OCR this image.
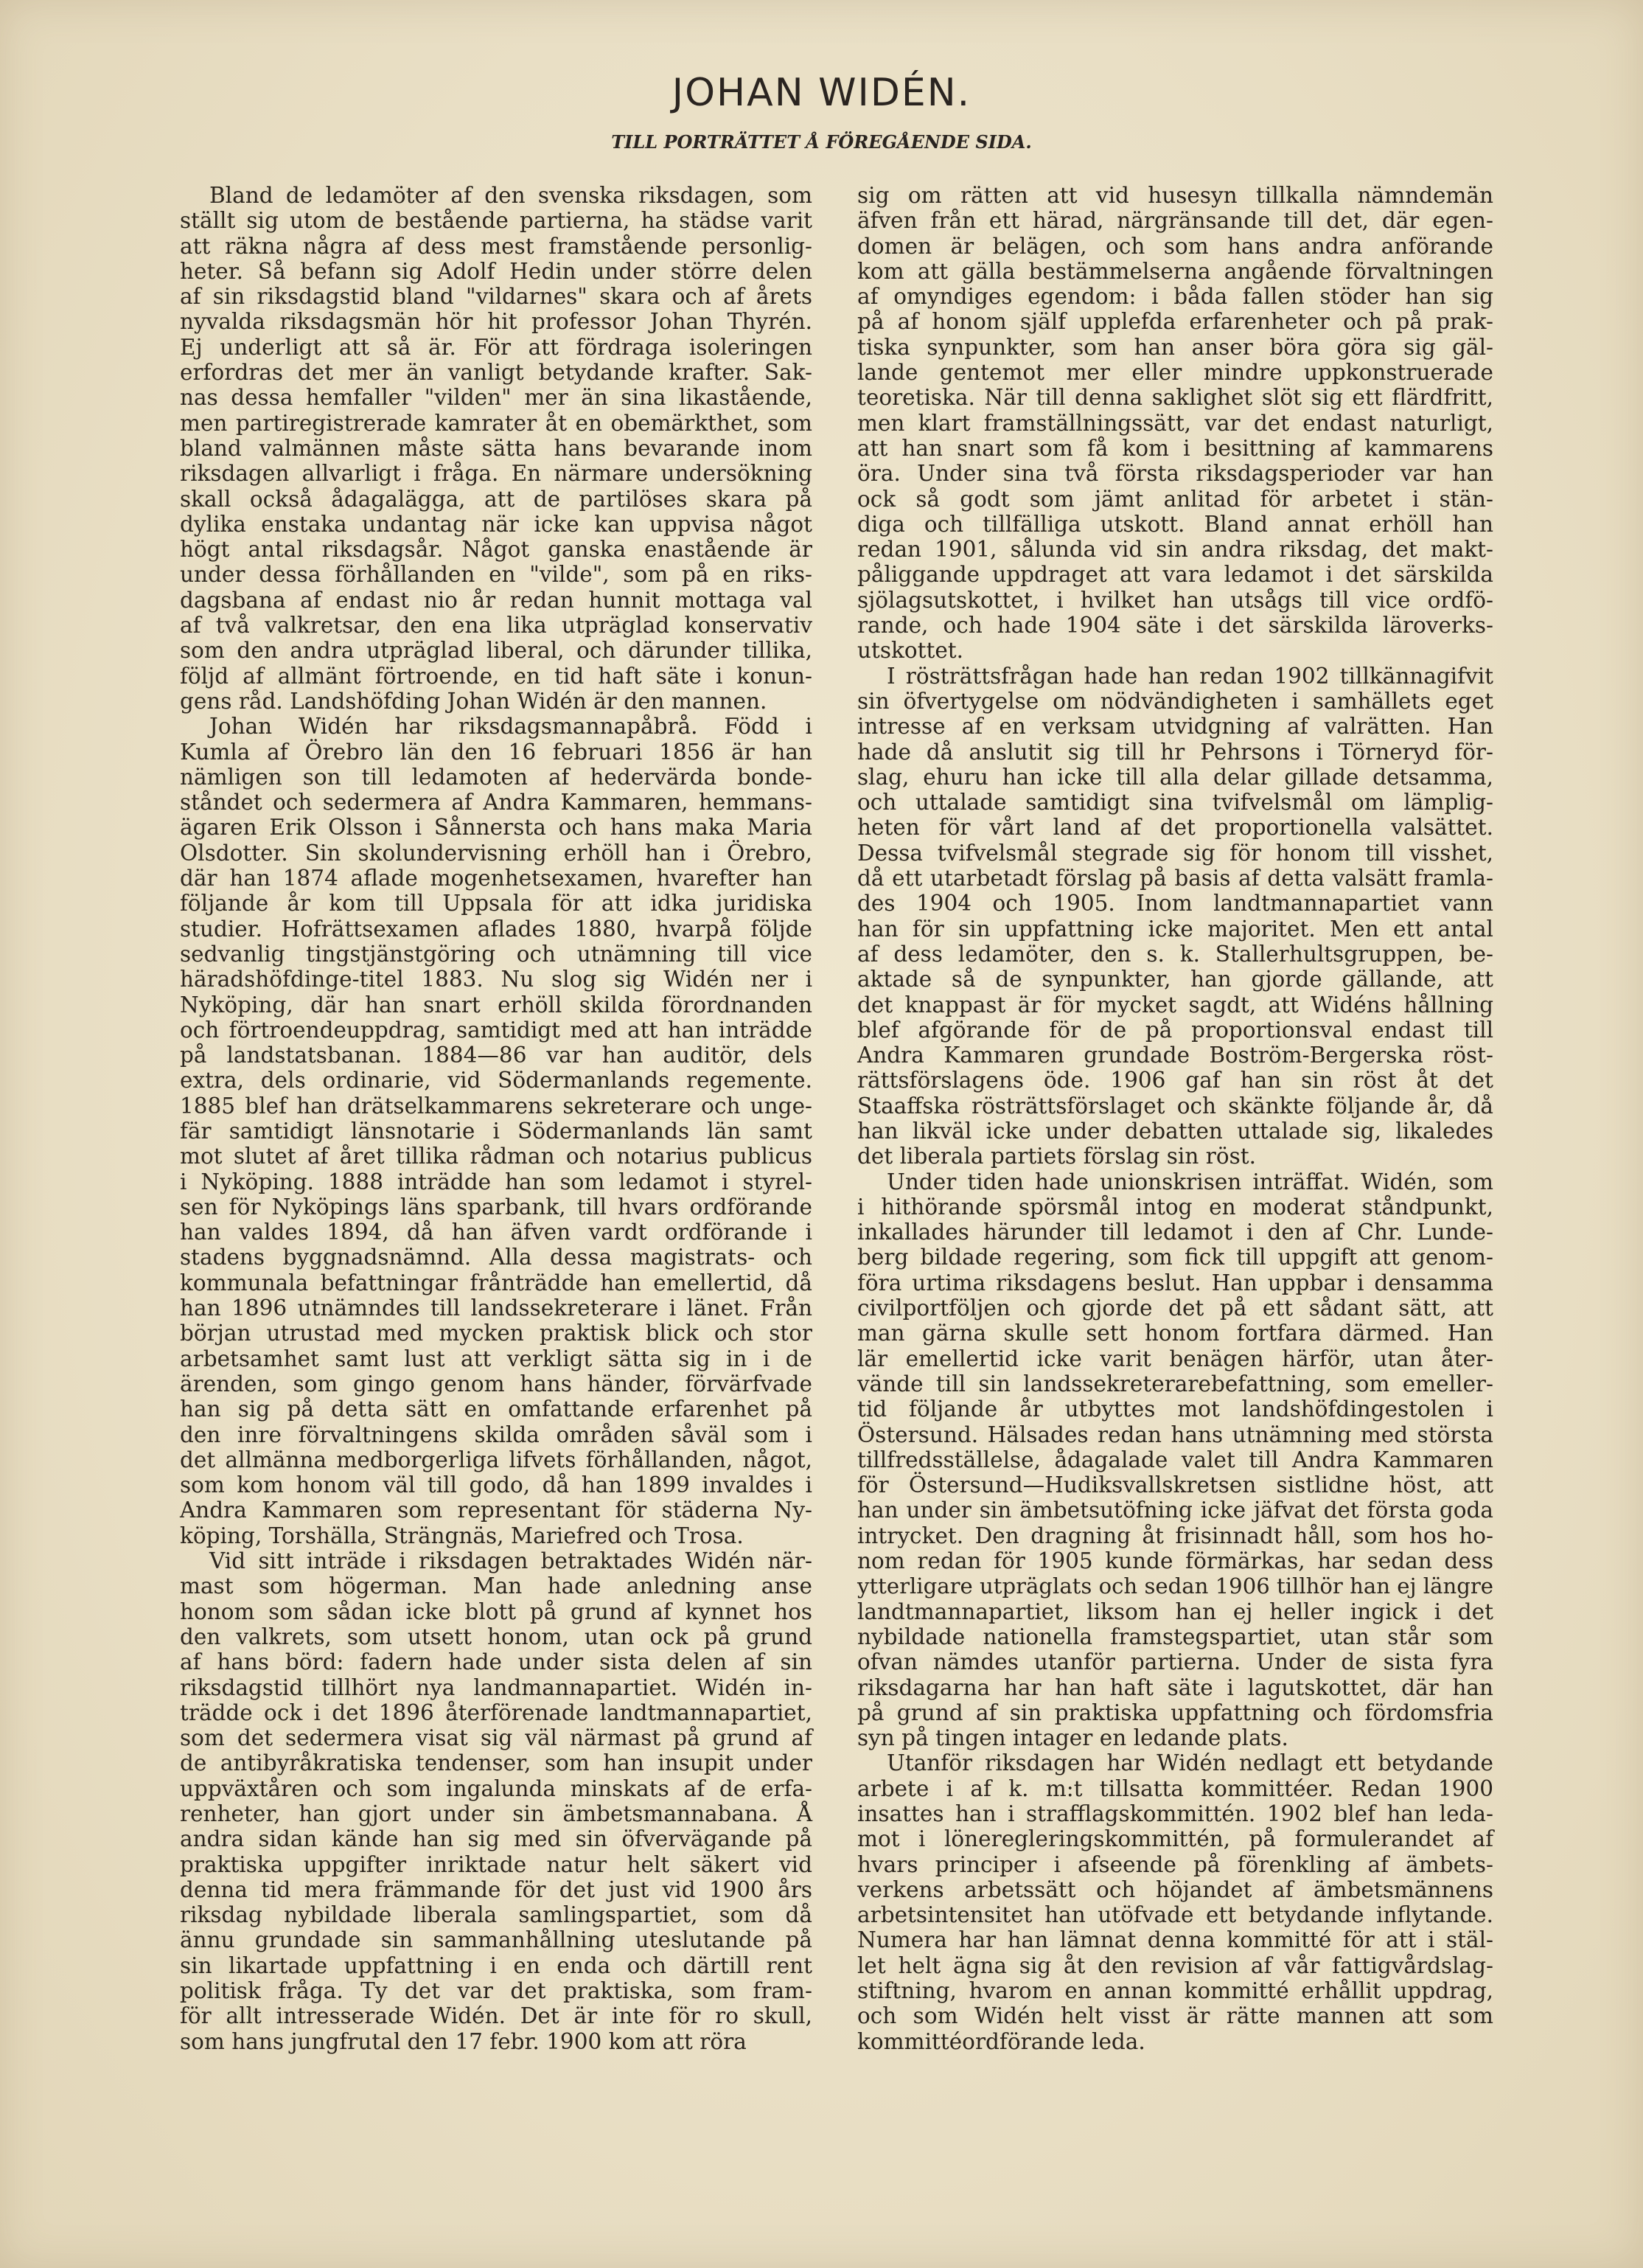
JOHAN WIDÉN.
TILL PORTRÄTTET Å FÖREGÅENDE SIDA.
Bland de ledamöter af den svenska riksdagen, som
ställt sig utom de bestående partierna, ha städse varit
att räkna några af dess mest framstående personlig-
heter. Så befann sig Adolf Hedin under större delen
af sin riksdagstid bland "vildarnes" skara och af årets
nyvalda riksdagsmän hör hit professor Johan Thyrén.
Ej underligt att så är. För att fördraga isoleringen
erfordras det mer än vanligt betydande krafter. Sak-
nas dessa hemfaller "vilden" mer än sina likastående,
men partiregistrerade kamrater åt en obemärkthet, som
bland valmännen måste sätta hans bevarande inom
riksdagen allvarligt i fråga. En närmare undersökning
skall också ådagalägga, att de partilöses skara på
dylika enstaka undantag när icke kan uppvisa något
högt antal riksdagsår. Något ganska enastående är
under dessa förhållanden en "vilde", som på en riks-
dagsbana af endast nio år redan hunnit mottaga val
af två valkretsar, den ena lika utpräglad konservativ
som den andra utpräglad liberal, och därunder tillika,
följd af allmänt förtroende, en tid haft säte i konun-
gens råd. Landshöfding Johan Widén är den mannen.
Johan Widén har riksdagsmannapåbrå. Född i
Kumla af Örebro län den 16 februari 1856 är han
nämligen son till ledamoten af hedervärda bonde-
ståndet och sedermera af Andra Kammaren, hemmans-
ägaren Erik Olsson i Sånnersta och hans maka Maria
Olsdotter. Sin skolundervisning erhöll han i Örebro,
där han 1874 aflade mogenhetsexamen, hvarefter han
följande år kom till Uppsala för att idka juridiska
studier. Hofrättsexamen aflades 1880, hvarpå följde
sedvanlig tingstjänstgöring och utnämning till vice
häradshöfdinge-titel 1883. Nu slog sig Widén ner i
Nyköping, där han snart erhöll skilda förordnanden
och förtroendeuppdrag, samtidigt med att han inträdde
på landstatsbanan. 1884—86 var han auditör, dels
extra, dels ordinarie, vid Södermanlands regemente.
1885 blef han drätselkammarens sekreterare och unge-
fär samtidigt länsnotarie i Södermanlands län samt
mot slutet af året tillika rådman och notarius publicus
i Nyköping. 1888 inträdde han som ledamot i styrel-
sen för Nyköpings läns sparbank, till hvars ordförande
han valdes 1894, då han äfven vardt ordförande i
stadens byggnadsnämnd. Alla dessa magistrats- och
kommunala befattningar frånträdde han emellertid, då
han 1896 utnämndes till landssekreterare i länet. Från
början utrustad med mycken praktisk blick och stor
arbetsamhet samt lust att verkligt sätta sig in i de
ärenden, som gingo genom hans händer, förvärfvade
han sig på detta sätt en omfattande erfarenhet på
den inre förvaltningens skilda områden såväl som i
det allmänna medborgerliga lifvets förhållanden, något,
som kom honom väl till godo, då han 1899 invaldes i
Andra Kammaren som representant för städerna Ny-
köping, Torshälla, Strängnäs, Mariefred och Trosa.
Vid sitt inträde i riksdagen betraktades Widén när-
mast som högerman. Man hade anledning anse
honom som sådan icke blott på grund af kynnet hos
den valkrets, som utsett honom, utan ock på grund
af hans börd: fadern hade under sista delen af sin
riksdagstid tillhört nya landmannapartiet. Widén in-
trädde ock i det 1896 återförenade landtmannapartiet,
som det sedermera visat sig väl närmast på grund af
de antibyråkratiska tendenser, som han insupit under
uppväxtåren och som ingalunda minskats af de erfa-
renheter, han gjort under sin ämbetsmannabana. Å
andra sidan kände han sig med sin öfvervägande på
praktiska uppgifter inriktade natur helt säkert vid
denna tid mera främmande för det just vid 1900 års
riksdag nybildade liberala samlingspartiet, som då
ännu grundade sin sammanhållning uteslutande på
sin likartade uppfattning i en enda och därtill rent
politisk fråga. Ty det var det praktiska, som fram-
för allt intresserade Widén. Det är inte för ro skull,
som hans jungfrutal den 17 febr. 1900 kom att röra
sig om rätten att vid husesyn tillkalla nämndemän
äfven från ett härad, närgränsande till det, där egen-
domen är belägen, och som hans andra anförande
kom att gälla bestämmelserna angående förvaltningen
af omyndiges egendom: i båda fallen stöder han sig
på af honom själf upplefda erfarenheter och på prak-
tiska synpunkter, som han anser böra göra sig gäl-
lande gentemot mer eller mindre uppkonstruerade
teoretiska. När till denna saklighet slöt sig ett flärdfritt,
men klart framställningssätt, var det endast naturligt,
att han snart som få kom i besittning af kammarens
öra. Under sina två första riksdagsperioder var han
ock så godt som jämt anlitad för arbetet i stän-
diga och tillfälliga utskott. Bland annat erhöll han
redan 1901, sålunda vid sin andra riksdag, det makt-
påliggande uppdraget att vara ledamot i det särskilda
sjölagsutskottet, i hvilket han utsågs till vice ordfö-
rande, och hade 1904 säte i det särskilda läroverks-
utskottet.
I rösträttsfrågan hade han redan 1902 tillkännagifvit
sin öfvertygelse om nödvändigheten i samhällets eget
intresse af en verksam utvidgning af valrätten. Han
hade då anslutit sig till hr Pehrsons i Törneryd för-
slag, ehuru han icke till alla delar gillade detsamma,
och uttalade samtidigt sina tvifvelsmål om lämplig-
heten för vårt land af det proportionella valsättet.
Dessa tvifvelsmål stegrade sig för honom till visshet,
då ett utarbetadt förslag på basis af detta valsätt framla-
des 1904 och 1905. Inom landtmannapartiet vann
han för sin uppfattning icke majoritet. Men ett antal
af dess ledamöter, den s. k. Stallerhultsgruppen, be-
aktade så de synpunkter, han gjorde gällande, att
det knappast är för mycket sagdt, att Widéns hållning
blef afgörande för de på proportionsval endast till
Andra Kammaren grundade Boström-Bergerska röst-
rättsförslagens öde. 1906 gaf han sin röst åt det
Staaffska rösträttsförslaget och skänkte följande år, då
han likväl icke under debatten uttalade sig, likaledes
det liberala partiets förslag sin röst.
Under tiden hade unionskrisen inträffat. Widén, som
i hithörande spörsmål intog en moderat ståndpunkt,
inkallades härunder till ledamot i den af Chr. Lunde-
berg bildade regering, som fick till uppgift att genom-
föra urtima riksdagens beslut. Han uppbar i densamma
civilportföljen och gjorde det på ett sådant sätt, att
man gärna skulle sett honom fortfara därmed. Han
lär emellertid icke varit benägen härför, utan åter-
vände till sin landssekreterarebefattning, som emeller-
tid följande år utbyttes mot landshöfdingestolen i
Östersund. Hälsades redan hans utnämning med största
tillfredsställelse, ådagalade valet till Andra Kammaren
för Östersund—Hudiksvallskretsen sistlidne höst, att
han under sin ämbetsutöfning icke jäfvat det första goda
intrycket. Den dragning åt frisinnadt håll, som hos ho-
nom redan för 1905 kunde förmärkas, har sedan dess
ytterligare utpräglats och sedan 1906 tillhör han ej längre
landtmannapartiet, liksom han ej heller ingick i det
nybildade nationella framstegspartiet, utan står som
ofvan nämdes utanför partierna. Under de sista fyra
riksdagarna har han haft säte i lagutskottet, där han
på grund af sin praktiska uppfattning och fördomsfria
syn på tingen intager en ledande plats.
Utanför riksdagen har Widén nedlagt ett betydande
arbete i af k. m:t tillsatta kommittéer. Redan 1900
insattes han i strafflagskommittén. 1902 blef han leda-
mot i löneregleringskommittén, på formulerandet af
hvars principer i afseende på förenkling af ämbets-
verkens arbetssätt och höjandet af ämbetsmännens
arbetsintensitet han utöfvade ett betydande inflytande.
Numera har han lämnat denna kommitté för att i stäl-
let helt ägna sig åt den revision af vår fattigvårdslag-
stiftning, hvarom en annan kommitté erhållit uppdrag,
och som Widén helt visst är rätte mannen att som
kommittéordförande leda.
